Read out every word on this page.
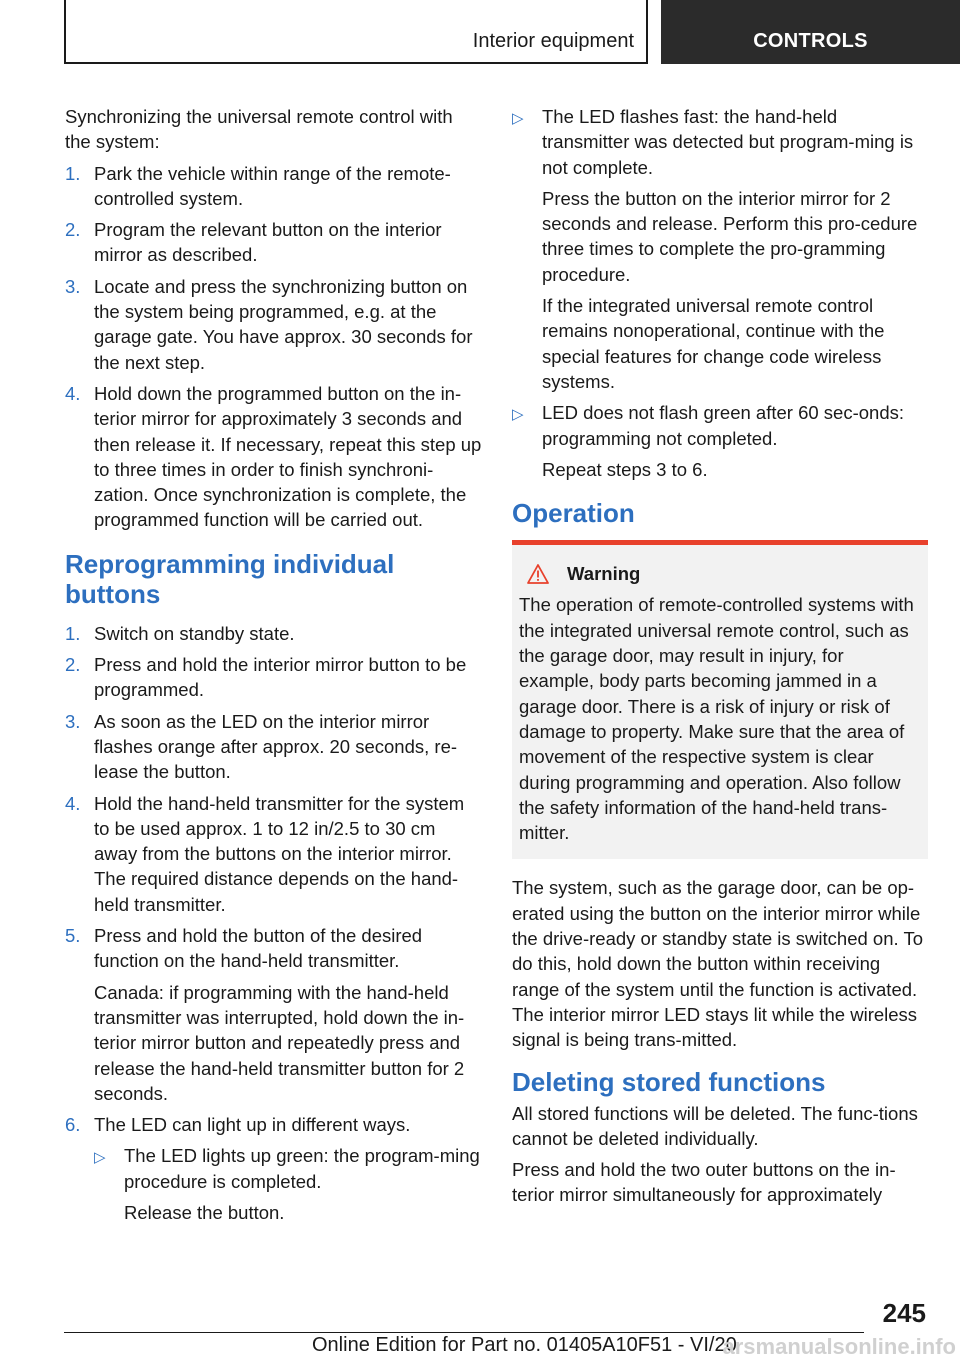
Interior equipment	CONTROLS

Synchronizing the universal remote control with the system:

1. Park the vehicle within range of the remote-controlled system.
2. Program the relevant button on the interior mirror as described.
3. Locate and press the synchronizing button on the system being programmed, e.g. at the garage gate. You have approx. 30 seconds for the next step.
4. Hold down the programmed button on the in-terior mirror for approximately 3 seconds and then release it. If necessary, repeat this step up to three times in order to finish synchroni-zation. Once synchronization is complete, the programmed function will be carried out.
Reprogramming individual buttons
1. Switch on standby state.
2. Press and hold the interior mirror button to be programmed.
3. As soon as the LED on the interior mirror flashes orange after approx. 20 seconds, re-lease the button.
4. Hold the hand-held transmitter for the system to be used approx. 1 to 12 in/2.5 to 30 cm away from the buttons on the interior mirror. The required distance depends on the hand-held transmitter.
5. Press and hold the button of the desired function on the hand-held transmitter.
Canada: if programming with the hand-held transmitter was interrupted, hold down the in-terior mirror button and repeatedly press and release the hand-held transmitter button for 2 seconds.
6. The LED can light up in different ways.
▷ The LED lights up green: the program-ming procedure is completed.
Release the button.
▷ The LED flashes fast: the hand-held transmitter was detected but program-ming is not complete.
Press the button on the interior mirror for 2 seconds and release. Perform this pro-cedure three times to complete the pro-gramming procedure.
If the integrated universal remote control remains nonoperational, continue with the special features for change code wireless systems.
▷ LED does not flash green after 60 sec-onds: programming not completed.
Repeat steps 3 to 6.
Operation
Warning
The operation of remote-controlled systems with the integrated universal remote control, such as the garage door, may result in injury, for example, body parts becoming jammed in a garage door. There is a risk of injury or risk of damage to property. Make sure that the area of movement of the respective system is clear during programming and operation. Also follow the safety information of the hand-held trans-mitter.

The system, such as the garage door, can be op-erated using the button on the interior mirror while the drive-ready or standby state is switched on. To do this, hold down the button within receiving range of the system until the function is activated. The interior mirror LED stays lit while the wireless signal is being trans-mitted.

Deleting stored functions

All stored functions will be deleted. The func-tions cannot be deleted individually.

Press and hold the two outer buttons on the in-terior mirror simultaneously for approximately

245
Online Edition for Part no. 01405A10F51 - VI/20
arsmanualsonline.info
